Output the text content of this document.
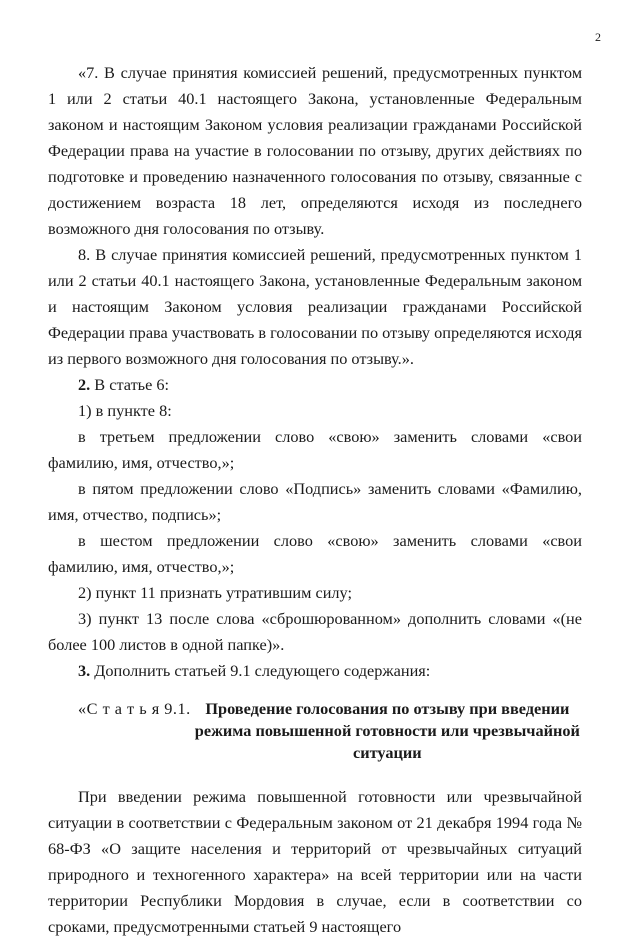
2

«7. В случае принятия комиссией решений, предусмотренных пунктом 1 или 2 статьи 40.1 настоящего Закона, установленные Федеральным законом и настоящим Законом условия реализации гражданами Российской Федерации права на участие в голосовании по отзыву, других действиях по подготовке и проведению назначенного голосования по отзыву, связанные с достижением возраста 18 лет, определяются исходя из последнего возможного дня голосования по отзыву.

8. В случае принятия комиссией решений, предусмотренных пунктом 1 или 2 статьи 40.1 настоящего Закона, установленные Федеральным законом и настоящим Законом условия реализации гражданами Российской Федерации права участвовать в голосовании по отзыву определяются исходя из первого возможного дня голосования по отзыву.».

2. В статье 6:

1) в пункте 8:

в третьем предложении слово «свою» заменить словами «свои фамилию, имя, отчество,»;

в пятом предложении слово «Подпись» заменить словами «Фамилию, имя, отчество, подпись»;

в шестом предложении слово «свою» заменить словами «свои фамилию, имя, отчество,»;

2) пункт 11 признать утратившим силу;

3) пункт 13 после слова «сброшюрованном» дополнить словами «(не более 100 листов в одной папке)».

3. Дополнить статьей 9.1 следующего содержания:

«С т а т ь я 9.1. Проведение голосования по отзыву при введении режима повышенной готовности или чрезвычайной ситуации

При введении режима повышенной готовности или чрезвычайной ситуации в соответствии с Федеральным законом от 21 декабря 1994 года № 68-ФЗ «О защите населения и территорий от чрезвычайных ситуаций природного и техногенного характера» на всей территории или на части территории Республики Мордовия в случае, если в соответствии со сроками, предусмотренными статьей 9 настоящего
